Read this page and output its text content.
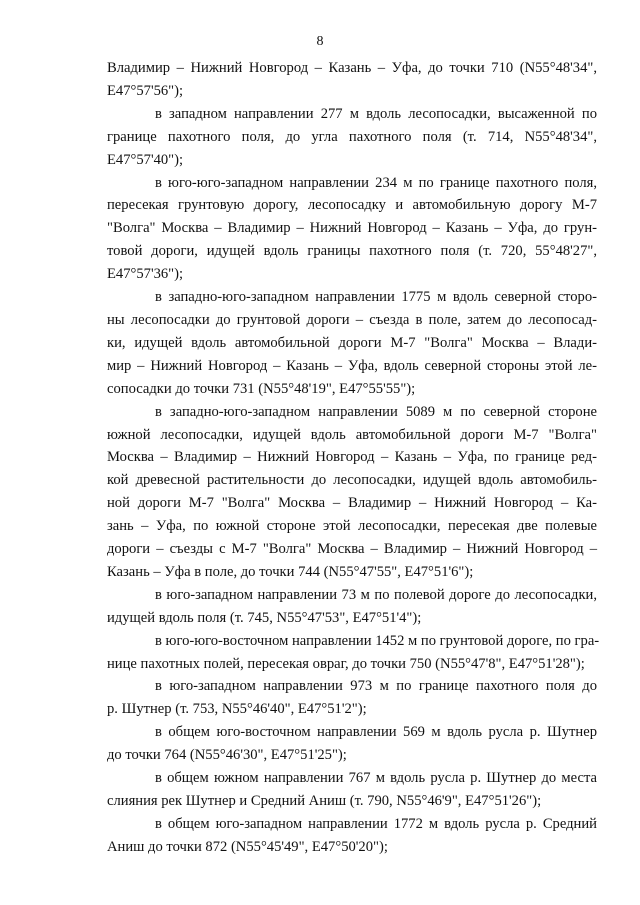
8
Владимир – Нижний Новгород – Казань – Уфа, до точки 710 (N55°48'34",
E47°57'56");
в западном направлении 277 м вдоль лесопосадки, высаженной по
границе пахотного поля, до угла пахотного поля (т. 714, N55°48'34",
E47°57'40");
в юго-юго-западном направлении 234 м по границе пахотного поля,
пересекая грунтовую дорогу, лесопосадку и автомобильную дорогу М-7
"Волга" Москва – Владимир – Нижний Новгород – Казань – Уфа, до грун-
товой дороги, идущей вдоль границы пахотного поля (т. 720, 55°48'27",
E47°57'36");
в западно-юго-западном направлении 1775 м вдоль северной сторо-
ны лесопосадки до грунтовой дороги – съезда в поле, затем до лесопосад-
ки, идущей вдоль автомобильной дороги М-7 "Волга" Москва – Влади-
мир – Нижний Новгород – Казань – Уфа, вдоль северной стороны этой ле-
сопосадки до точки 731 (N55°48'19", E47°55'55");
в западно-юго-западном направлении 5089 м по северной стороне
южной лесопосадки, идущей вдоль автомобильной дороги М-7 "Волга"
Москва – Владимир – Нижний Новгород – Казань – Уфа, по границе ред-
кой древесной растительности до лесопосадки, идущей вдоль автомобиль-
ной дороги М-7 "Волга" Москва – Владимир – Нижний Новгород – Ка-
зань – Уфа, по южной стороне этой лесопосадки, пересекая две полевые
дороги – съезды с М-7 "Волга" Москва – Владимир – Нижний Новгород –
Казань – Уфа в поле, до точки 744 (N55°47'55", E47°51'6");
в юго-западном направлении 73 м по полевой дороге до лесопосадки,
идущей вдоль поля (т. 745, N55°47'53", E47°51'4");
в юго-юго-восточном направлении 1452 м по грунтовой дороге, по гра-
нице пахотных полей, пересекая овраг, до точки 750 (N55°47'8", E47°51'28");
в юго-западном направлении 973 м по границе пахотного поля до
р. Шутнер (т. 753, N55°46'40", E47°51'2");
в общем юго-восточном направлении 569 м вдоль русла р. Шутнер
до точки 764 (N55°46'30", E47°51'25");
в общем южном направлении 767 м вдоль русла р. Шутнер до места
слияния рек Шутнер и Средний Аниш (т. 790, N55°46'9", E47°51'26");
в общем юго-западном направлении 1772 м вдоль русла р. Средний
Аниш до точки 872 (N55°45'49", E47°50'20");
